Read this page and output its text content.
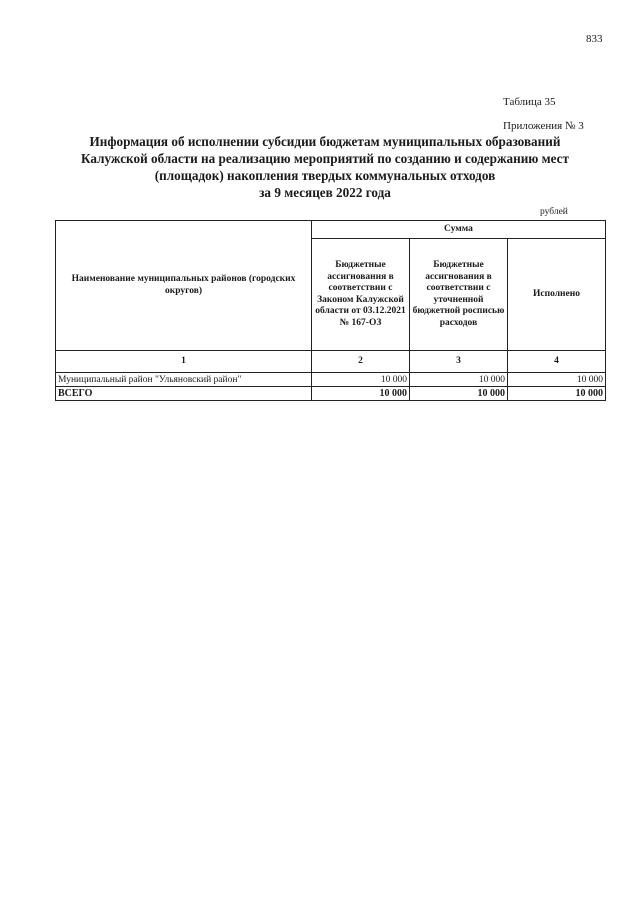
833
Таблица 35
Приложения № 3
Информация об исполнении субсидии бюджетам муниципальных образований
Калужской области на реализацию мероприятий по созданию и содержанию мест
(площадок) накопления твердых коммунальных отходов
за 9 месяцев 2022 года
рублей
Наименование муниципальных районов (городских округов)	Сумма		
	Бюджетные ассигнования в соответствии с Законом Калужской области от 03.12.2021 № 167-ОЗ	Бюджетные ассигнования в соответствии с уточненной бюджетной росписью расходов	Исполнено
1	2	3	4
Муниципальный район "Ульяновский район"	10 000	10 000	10 000
ВСЕГО	10 000	10 000	10 000
